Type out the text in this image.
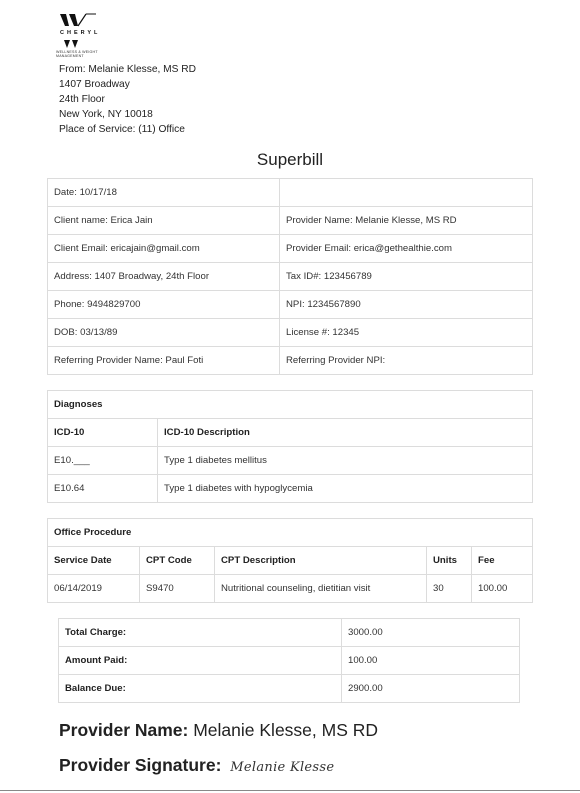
CHERYL
WELLNESS & WEIGHT MANAGEMENT
From: Melanie Klesse, MS RD
1407 Broadway
24th Floor
New York, NY 10018
Place of Service: (11) Office
Superbill
Date: 10/17/18	
Client name: Erica Jain	Provider Name: Melanie Klesse, MS RD
Client Email: ericajain@gmail.com	Provider Email: erica@gethealthie.com
Address: 1407 Broadway, 24th Floor	Tax ID#: 123456789
Phone: 9494829700	NPI: 1234567890
DOB: 03/13/89	License #: 12345
Referring Provider Name: Paul Foti	Referring Provider NPI:
Diagnoses	
ICD-10	ICD-10 Description
E10.___	Type 1 diabetes mellitus
E10.64	Type 1 diabetes with hypoglycemia
Office Procedure				
Service Date	CPT Code	CPT Description	Units	Fee
06/14/2019	S9470	Nutritional counseling, dietitian visit	30	100.00
Total Charge:	3000.00
Amount Paid:	100.00
Balance Due:	2900.00
Provider Name: Melanie Klesse, MS RD
Provider Signature: Melanie Klesse
